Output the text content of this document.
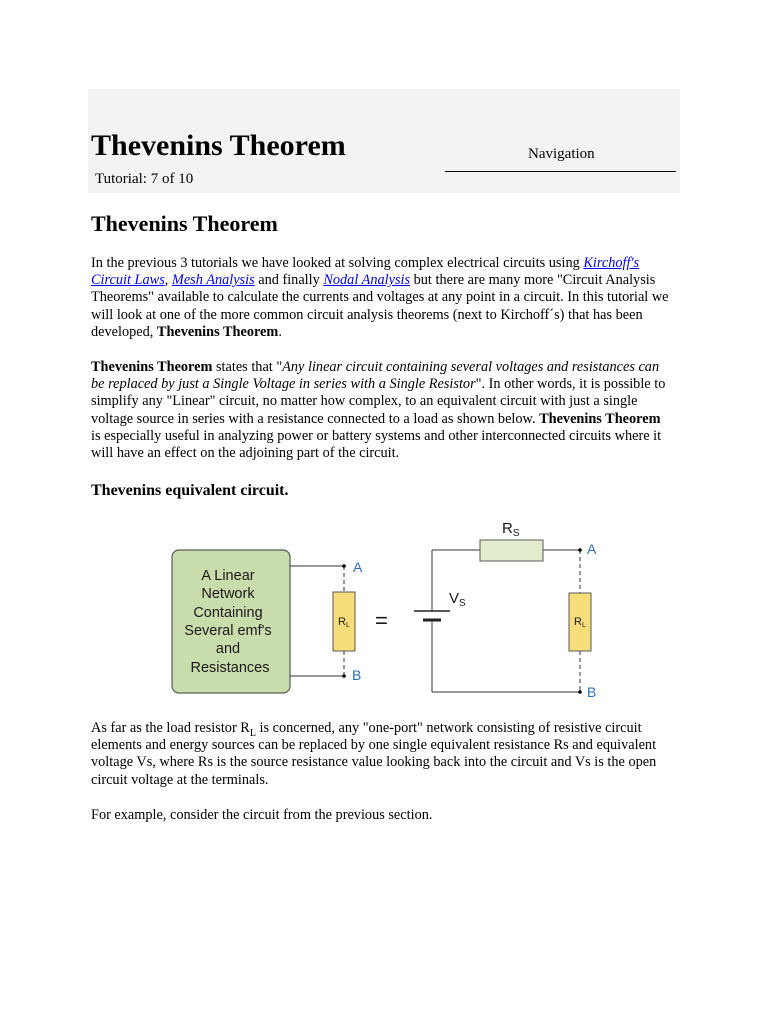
Thevenins Theorem
Tutorial: 7 of 10
Navigation
Thevenins Theorem

In the previous 3 tutorials we have looked at solving complex electrical circuits using Kirchoff's Circuit Laws, Mesh Analysis and finally Nodal Analysis but there are many more "Circuit Analysis Theorems" available to calculate the currents and voltages at any point in a circuit. In this tutorial we will look at one of the more common circuit analysis theorems (next to Kirchoff´s) that has been developed, Thevenins Theorem.

Thevenins Theorem states that "Any linear circuit containing several voltages and resistances can be replaced by just a Single Voltage in series with a Single Resistor". In other words, it is possible to simplify any "Linear" circuit, no matter how complex, to an equivalent circuit with just a single voltage source in series with a resistance connected to a load as shown below. Thevenins Theorem is especially useful in analyzing power or battery systems and other interconnected circuits where it will have an effect on the adjoining part of the circuit.

Thevenins equivalent circuit.
A Linear Network Containing Several emf's and Resistances
RL
A
B
=
$V_S$
$R_S$
RL
A
B

As far as the load resistor $R_L$ is concerned, any "one-port" network consisting of resistive circuit elements and energy sources can be replaced by one single equivalent resistance Rs and equivalent voltage Vs, where Rs is the source resistance value looking back into the circuit and Vs is the open circuit voltage at the terminals.

For example, consider the circuit from the previous section.
